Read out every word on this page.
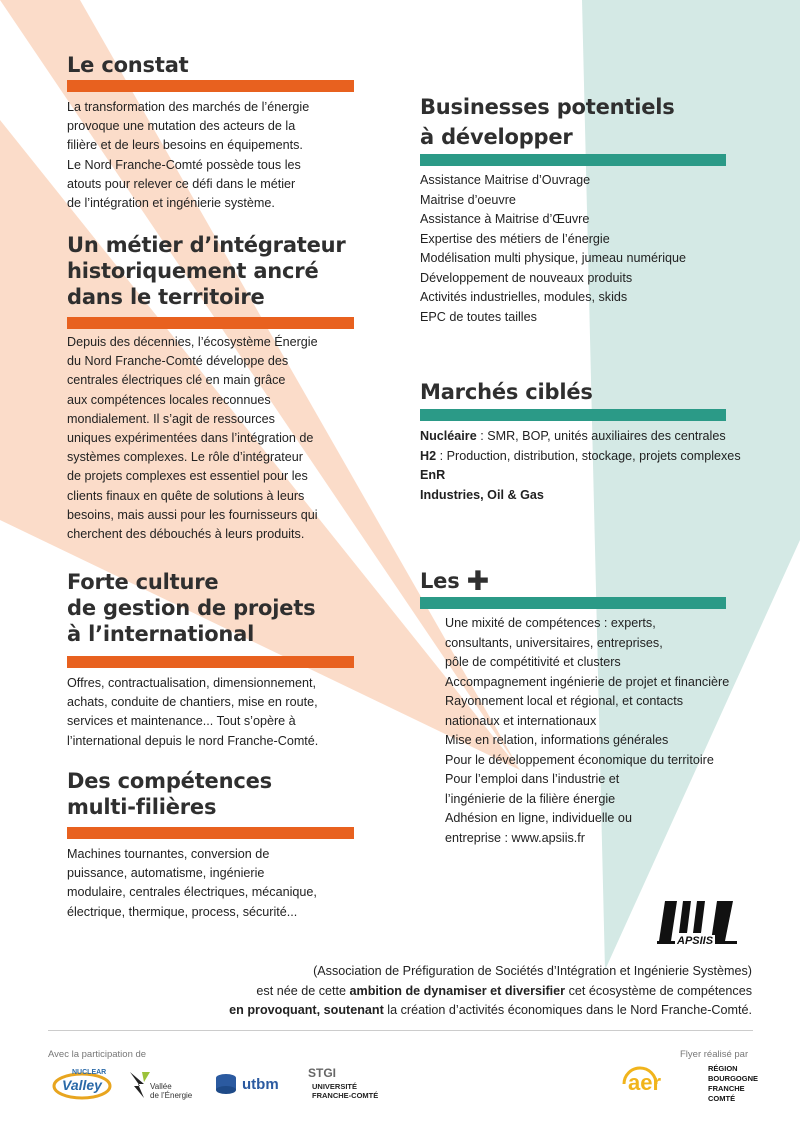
Le constat
La transformation des marchés de l’énergie
provoque une mutation des acteurs de la
filière et de leurs besoins en équipements.
Le Nord Franche-Comté possède tous les
atouts pour relever ce défi dans le métier
de l’intégration et ingénierie système.
Un métier d’intégrateur
historiquement ancré
dans le territoire
Depuis des décennies, l’écosystème Énergie
du Nord Franche-Comté développe des
centrales électriques clé en main grâce
aux compétences locales reconnues
mondialement. Il s’agit de ressources
uniques expérimentées dans l’intégration de
systèmes complexes. Le rôle d’intégrateur
de projets complexes est essentiel pour les
clients finaux en quête de solutions à leurs
besoins, mais aussi pour les fournisseurs qui
cherchent des débouchés à leurs produits.
Forte culture
de gestion de projets
à l’international
Offres, contractualisation, dimensionnement,
achats, conduite de chantiers, mise en route,
services et maintenance... Tout s’opère à
l’international depuis le nord Franche-Comté.
Des compétences
multi-filières
Machines tournantes, conversion de
puissance, automatisme, ingénierie
modulaire, centrales électriques, mécanique,
électrique, thermique, process, sécurité...
Businesses potentiels
à développer
Assistance Maitrise d’Ouvrage
Maitrise d’oeuvre
Assistance à Maitrise d’Œuvre
Expertise des métiers de l’énergie
Modélisation multi physique, jumeau numérique
Développement de nouveaux produits
Activités industrielles, modules, skids
EPC de toutes tailles
Marchés ciblés
Nucléaire : SMR, BOP, unités auxiliaires des centrales
H2 : Production, distribution, stockage, projets complexes
EnR
Industries, Oil & Gas
Les ✚
Une mixité de compétences : experts,
consultants, universitaires, entreprises,
pôle de compétitivité et clusters
Accompagnement ingénierie de projet et financière
Rayonnement local et régional, et contacts
nationaux et internationaux
Mise en relation, informations générales
Pour le développement économique du territoire
Pour l’emploi dans l’industrie et
l’ingénierie de la filière énergie
Adhésion en ligne, individuelle ou
entreprise : www.apsiis.fr
APSIIS
(Association de Préfiguration de Sociétés d’Intégration et Ingénierie Systèmes)
est née de cette ambition de dynamiser et diversifier cet écosystème de compétences
en provoquant, soutenant la création d’activités économiques dans le Nord Franche-Comté.
Avec la participation de	Flyer réalisé par
NUCLEAR
Valley	Vallée
de l’Énergie
utbm
STGI
UNIVERSITÉ
FRANCHE-COMTÉ
aer
RÉGION
BOURGOGNE
FRANCHE
COMTÉ
